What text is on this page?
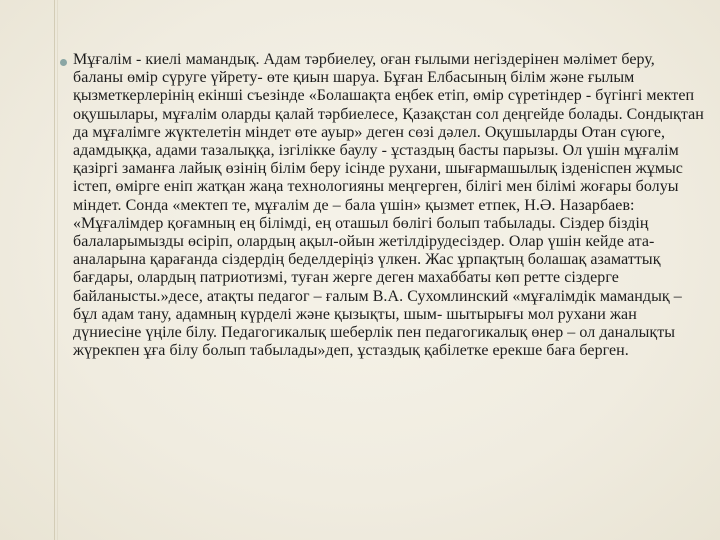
Мұғалім - киелі мамандық. Адам тәрбиелеу, оған ғылыми негіздерінен мәлімет беру, баланы өмір сүруге үйрету- өте қиын шаруа. Бұған Елбасының білім және ғылым қызметкерлерінің екінші съезінде «Болашақта еңбек етіп, өмір сүретіндер - бүгінгі мектеп оқушылары, мұғалім оларды қалай тәрбиелесе, Қазақстан сол деңгейде болады. Сондықтан да мұғалімге жүктелетін міндет өте ауыр» деген сөзі дәлел. Оқушыларды Отан сүюге, адамдыққа, адами тазалыққа, ізгілікке баулу - ұстаздың басты парызы. Ол үшін мұғалім қазіргі заманға лайық өзінің білім беру ісінде рухани, шығармашылық ізденіспен жұмыс істеп, өмірге еніп жатқан жаңа технологияны меңгерген, білігі мен білімі жоғары болуы міндет. Сонда «мектеп те, мұғалім де – бала үшін» қызмет етпек, Н.Ә. Назарбаев: «Мұғалімдер қоғамның ең білімді, ең оташыл бөлігі болып табылады. Сіздер біздің балаларымызды өсіріп, олардың ақыл-ойын жетілдірудесіздер. Олар үшін кейде ата-аналарына қарағанда сіздердің беделдеріңіз үлкен. Жас ұрпақтың болашақ азаматтық бағдары, олардың патриотизмі, туған жерге деген махаббаты көп ретте сіздерге байланысты.»десе, атақты педагог – ғалым В.А. Сухомлинский «мұғалімдік мамандық – бұл адам тану, адамның күрделі және қызықты, шым- шытырығы мол рухани жан дүниесіне үңіле білу. Педагогикалық шеберлік пен педагогикалық өнер – ол даналықты жүрекпен ұға білу болып табылады»деп, ұстаздық қабілетке ерекше баға берген.
